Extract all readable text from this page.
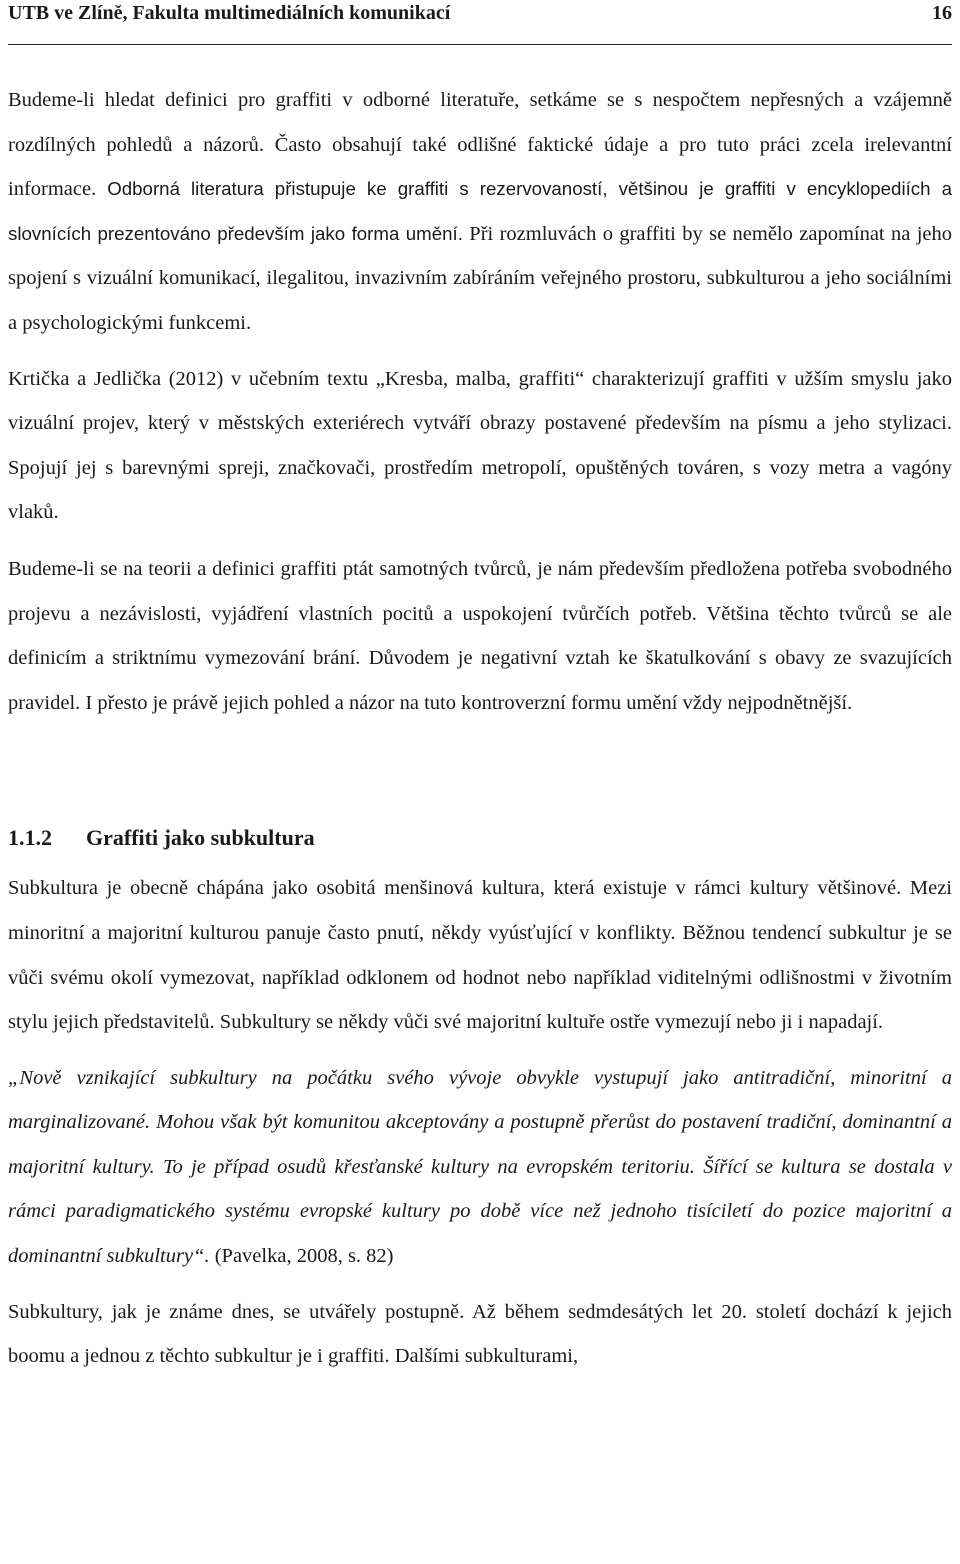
UTB ve Zlíně, Fakulta multimediálních komunikací	16

Budeme-li hledat definici pro graffiti v odborné literatuře, setkáme se s nespočtem nepřesných a vzájemně rozdílných pohledů a názorů. Často obsahují také odlišné faktické údaje a pro tuto práci zcela irelevantní informace. Odborná literatura přistupuje ke graffiti s rezervovaností, většinou je graffiti v encyklopediích a slovnících prezentováno především jako forma umění. Při rozmluvách o graffiti by se nemělo zapomínat na jeho spojení s vizuální komunikací, ilegalitou, invazivním zabíráním veřejného prostoru, subkulturou a jeho sociálními a psychologickými funkcemi.

Krtička a Jedlička (2012) v učebním textu „Kresba, malba, graffiti“ charakterizují graffiti v užším smyslu jako vizuální projev, který v městských exteriérech vytváří obrazy postavené především na písmu a jeho stylizaci. Spojují jej s barevnými spreji, značkovači, prostředím metropolí, opuštěných továren, s vozy metra a vagóny vlaků.

Budeme-li se na teorii a definici graffiti ptát samotných tvůrců, je nám především předložena potřeba svobodného projevu a nezávislosti, vyjádření vlastních pocitů a uspokojení tvůrčích potřeb. Většina těchto tvůrců se ale definicím a striktnímu vymezování brání. Důvodem je negativní vztah ke škatulkování s obavy ze svazujících pravidel. I přesto je právě jejich pohled a názor na tuto kontroverzní formu umění vždy nejpodnětnější.

1.1.2	Graffiti jako subkultura

Subkultura je obecně chápána jako osobitá menšinová kultura, která existuje v rámci kultury většinové. Mezi minoritní a majoritní kulturou panuje často pnutí, někdy vyúsťující v konflikty. Běžnou tendencí subkultur je se vůči svému okolí vymezovat, například odklonem od hodnot nebo například viditelnými odlišnostmi v životním stylu jejich představitelů. Subkultury se někdy vůči své majoritní kultuře ostře vymezují nebo ji i napadají.

„Nově vznikající subkultury na počátku svého vývoje obvykle vystupují jako antitradiční, minoritní a marginalizované. Mohou však být komunitou akceptovány a postupně přerůst do postavení tradiční, dominantní a majoritní kultury. To je případ osudů křesťanské kultury na evropském teritoriu. Šířící se kultura se dostala v rámci paradigmatického systému evropské kultury po době více než jednoho tisíciletí do pozice majoritní a dominantní subkultury“. (Pavelka, 2008, s. 82)

Subkultury, jak je známe dnes, se utvářely postupně. Až během sedmdesátých let 20. století dochází k jejich boomu a jednou z těchto subkultur je i graffiti. Dalšími subkulturami,
